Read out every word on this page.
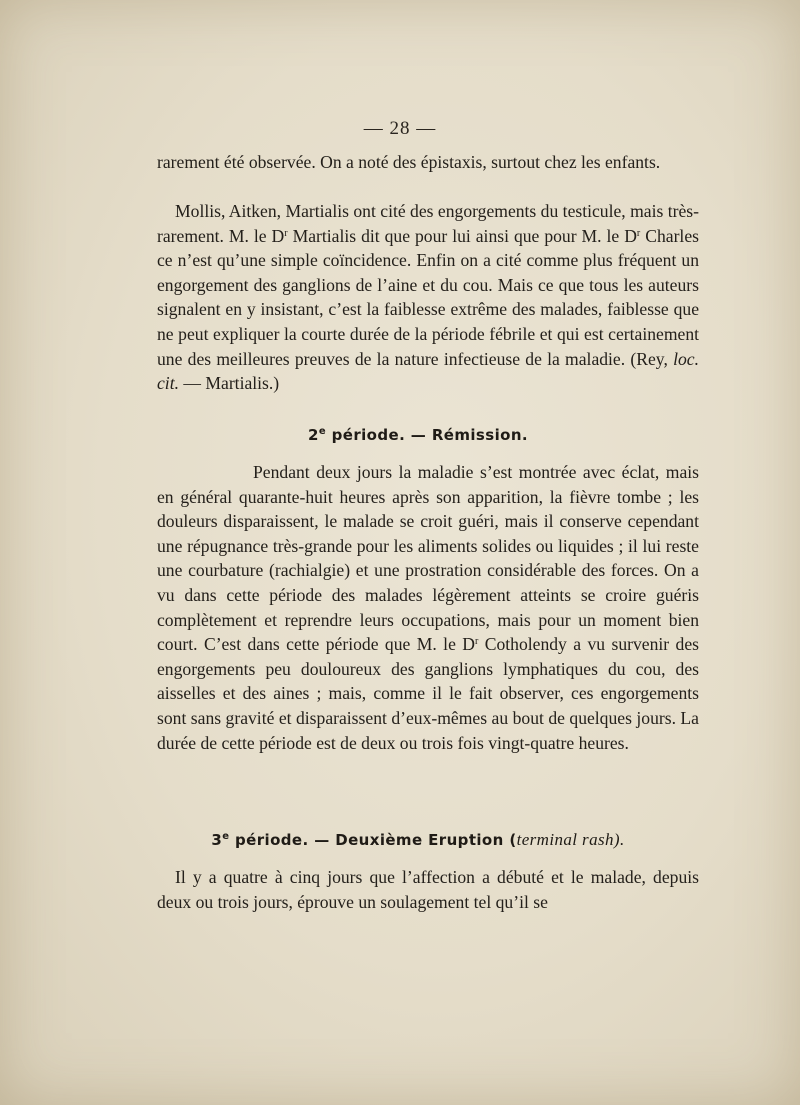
— 28 —

rarement été observée. On a noté des épistaxis, surtout chez les enfants.

Mollis, Aitken, Martialis ont cité des engorgements du testicule, mais très-rarement. M. le $D^r$ Martialis dit que pour lui ainsi que pour M. le $D^r$ Charles ce n’est qu’une simple coïncidence. Enfin on a cité comme plus fréquent un engorgement des ganglions de l’aine et du cou. Mais ce que tous les auteurs signalent en y insistant, c’est la faiblesse extrême des malades, faiblesse que ne peut expliquer la courte durée de la période fébrile et qui est certainement une des meilleures preuves de la nature infectieuse de la maladie. (Rey, loc. cit. — Martialis.)

2e période. — Rémission.

Pendant deux jours la maladie s’est montrée avec éclat, mais en général quarante-huit heures après son apparition, la fièvre tombe ; les douleurs disparaissent, le malade se croit guéri, mais il conserve cependant une répugnance très-grande pour les aliments solides ou liquides ; il lui reste une courbature (rachialgie) et une prostration considérable des forces. On a vu dans cette période des malades légèrement atteints se croire guéris complètement et reprendre leurs occupations, mais pour un moment bien court. C’est dans cette période que M. le $D^r$ Cotholendy a vu survenir des engorgements peu douloureux des ganglions lymphatiques du cou, des aisselles et des aines ; mais, comme il le fait observer, ces engorgements sont sans gravité et disparaissent d’eux-mêmes au bout de quelques jours. La durée de cette période est de deux ou trois fois vingt-quatre heures.

3e période. — Deuxième Eruption (terminal rash).

Il y a quatre à cinq jours que l’affection a débuté et le malade, depuis deux ou trois jours, éprouve un soulagement tel qu’il se
